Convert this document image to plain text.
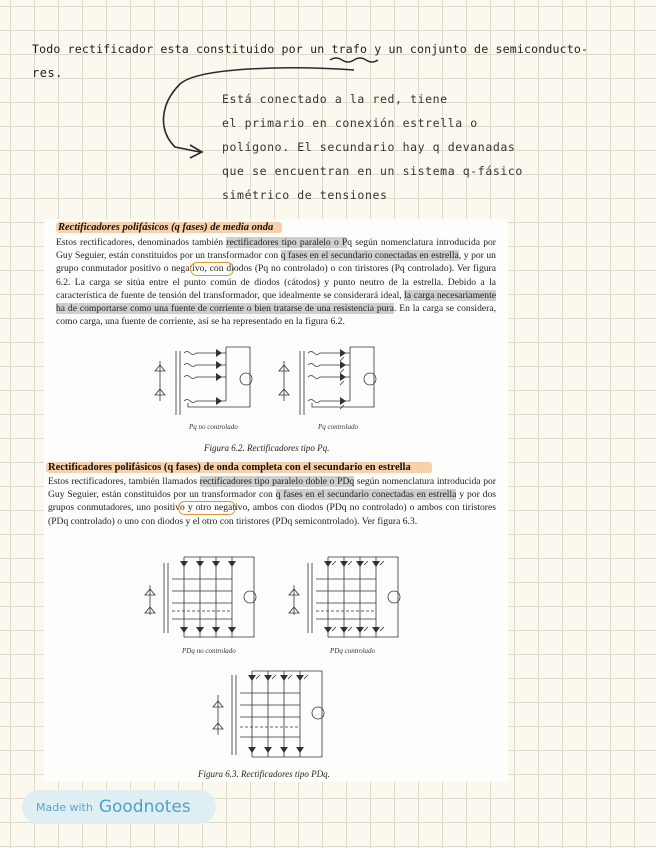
Todo rectificador esta constituido por un trafo y un conjunto de semiconducto-
res.
Está conectado a la red, tiene
el primario en conexión estrella o
polígono. El secundario hay q devanadas
que se encuentran en un sistema q-fásico
simétrico de tensiones
Rectificadores polifásicos (q fases) de media onda
Estos rectificadores, denominados también rectificadores tipo paralelo o Pq según nomenclatura introducida por Guy Seguier, están constituidos por un transformador con q fases en el secundario conectadas en estrella, y por un grupo conmutador positivo o negativo, con diodos (Pq no controlado) o con tiristores (Pq controlado). Ver figura 6.2. La carga se sitúa entre el punto común de diodos (cátodos) y punto neutro de la estrella. Debido a la característica de fuente de tensión del transformador, que idealmente se considerará ideal, la carga necesariamente ha de comportarse como una fuente de corriente o bien tratarse de una resistencia pura. En la carga se considera, como carga, una fuente de corriente, así se ha representado en la figura 6.2.
Pq no controlado	Pq controlado
Figura 6.2. Rectificadores tipo Pq.
Rectificadores polifásicos (q fases) de onda completa con el secundario en estrella
Estos rectificadores, también llamados rectificadores tipo paralelo doble o PDq según nomenclatura introducida por Guy Seguier, están constituidos por un transformador con q fases en el secundario conectadas en estrella y por dos grupos conmutadores, uno positivo y otro negativo, ambos con diodos (PDq no controlado) o ambos con tiristores (PDq controlado) o uno con diodos y el otro con tiristores (PDq semicontrolado). Ver figura 6.3.
PDq no controlado	PDq controlado
Figura 6.3. Rectificadores tipo PDq.
Made with Goodnotes
